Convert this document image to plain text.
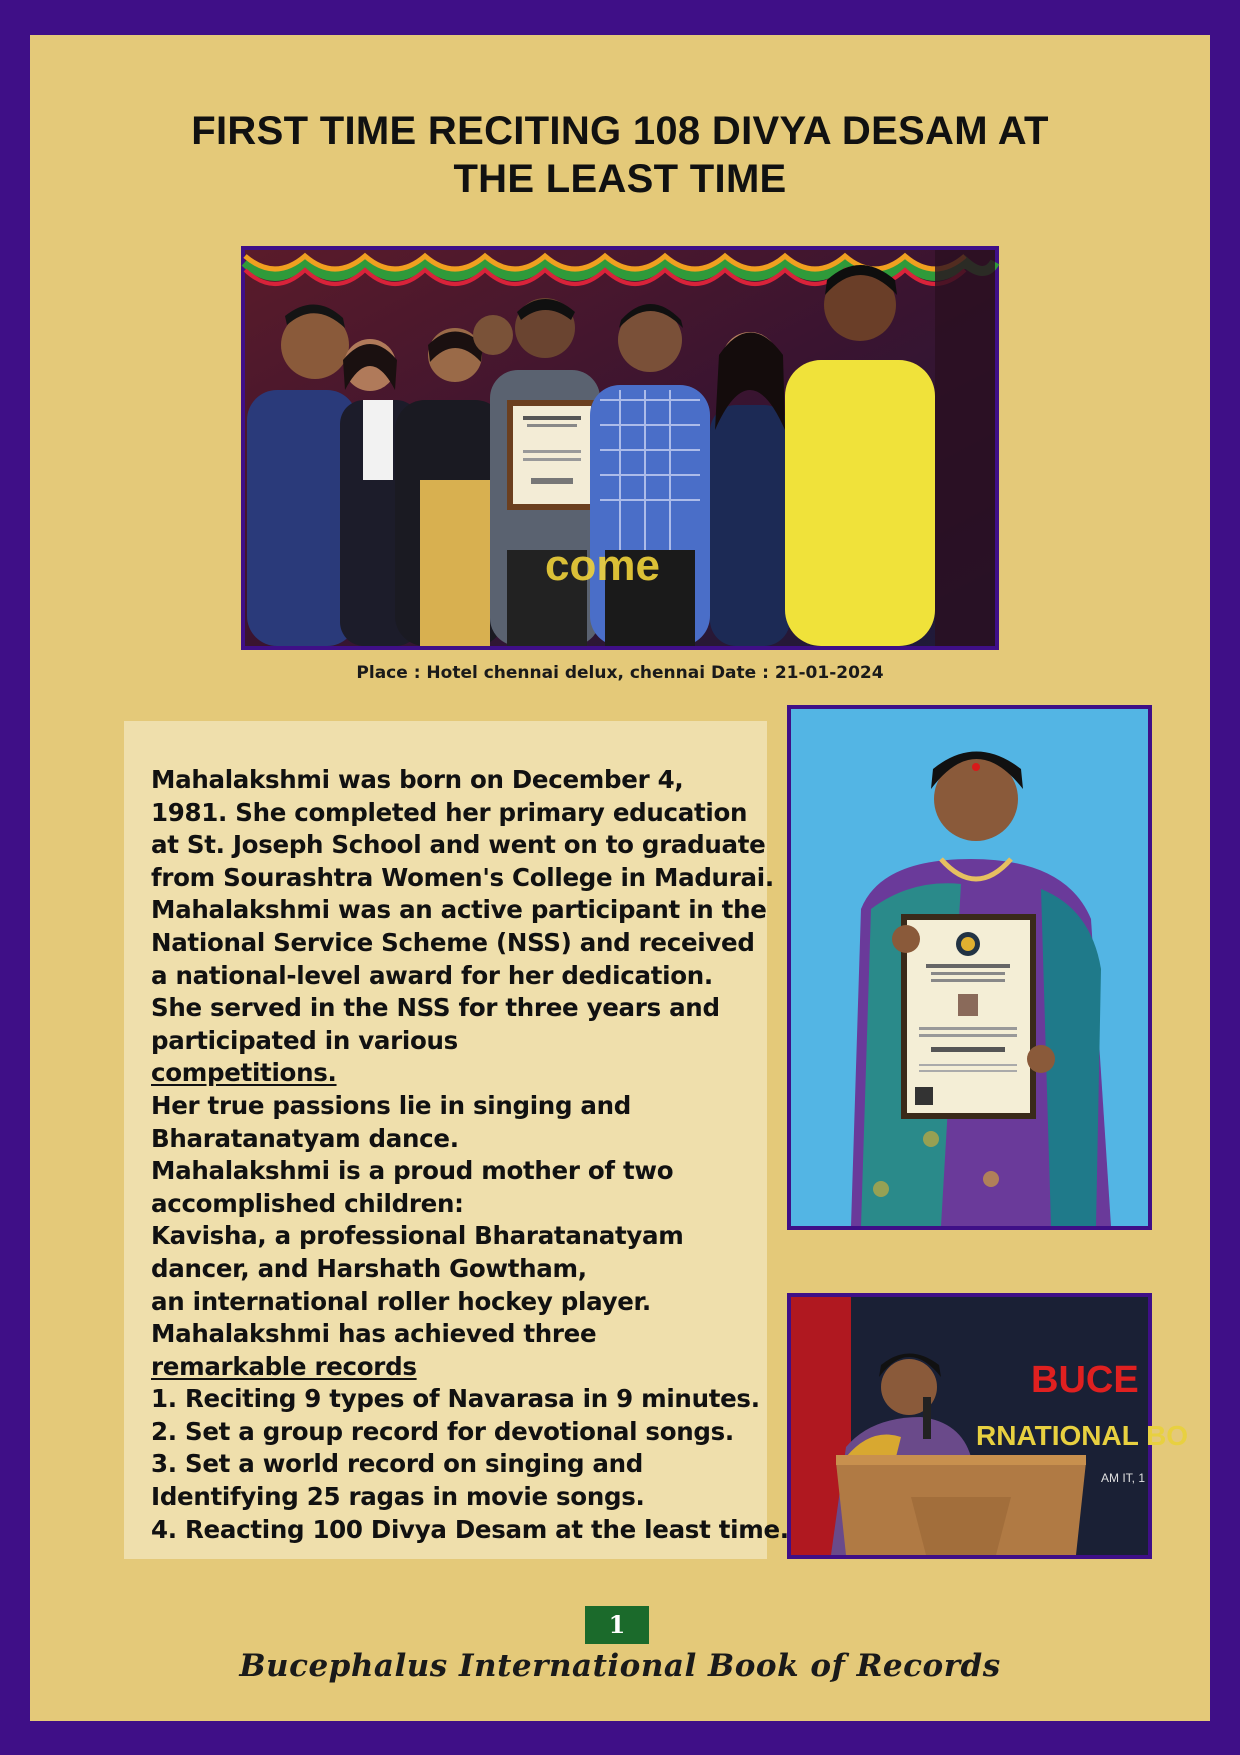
FIRST TIME RECITING 108 DIVYA DESAM AT
THE LEAST TIME
come
Place : Hotel chennai delux, chennai Date : 21-01-2024
Mahalakshmi was born on December 4,
1981. She completed her primary education
at St. Joseph School and went on to graduate
from Sourashtra Women's College in Madurai.
Mahalakshmi was an active participant in the
National Service Scheme (NSS) and received
a national-level award for her dedication.
She served in the NSS for three years and
participated in various
competitions.
Her true passions lie in singing and
Bharatanatyam dance.
Mahalakshmi is a proud mother of two
accomplished children:
Kavisha, a professional Bharatanatyam
dancer, and Harshath Gowtham,
an international roller hockey player.
Mahalakshmi has achieved three
remarkable records
1. Reciting 9 types of Navarasa in 9 minutes.
2. Set a group record for devotional songs.
3. Set a world record on singing and
Identifying 25 ragas in movie songs.
4. Reacting 100 Divya Desam at the least time.
BUCE
RNATIONAL BO
AM IT, 1
1
Bucephalus International Book of Records
